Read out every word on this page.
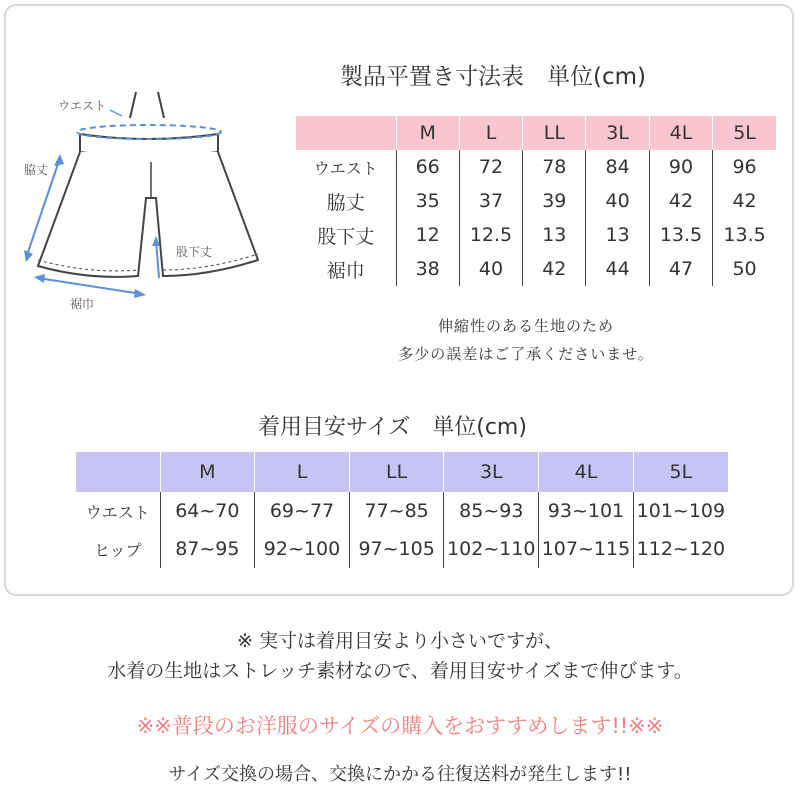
ウエスト
脇丈
股下丈
裾巾
製品平置き寸法表　単位(cm)
	M	L	LL	3L	4L	5L
ウエスト	66	72	78	84	90	96
脇丈	35	37	39	40	42	42
股下丈	12	12.5	13	13	13.5	13.5
裾巾	38	40	42	44	47	50
伸縮性のある生地のため
多少の誤差はご了承くださいませ。
着用目安サイズ　単位(cm)
	M	L	LL	3L	4L	5L
ウエスト	64~70	69~77	77~85	85~93	93~101	101~109
ヒップ	87~95	92~100	97~105	102~110	107~115	112~120
※ 実寸は着用目安より小さいですが、
水着の生地はストレッチ素材なので、着用目安サイズまで伸びます。
※※普段のお洋服のサイズの購入をおすすめします!!※※
サイズ交換の場合、交換にかかる往復送料が発生します!!
